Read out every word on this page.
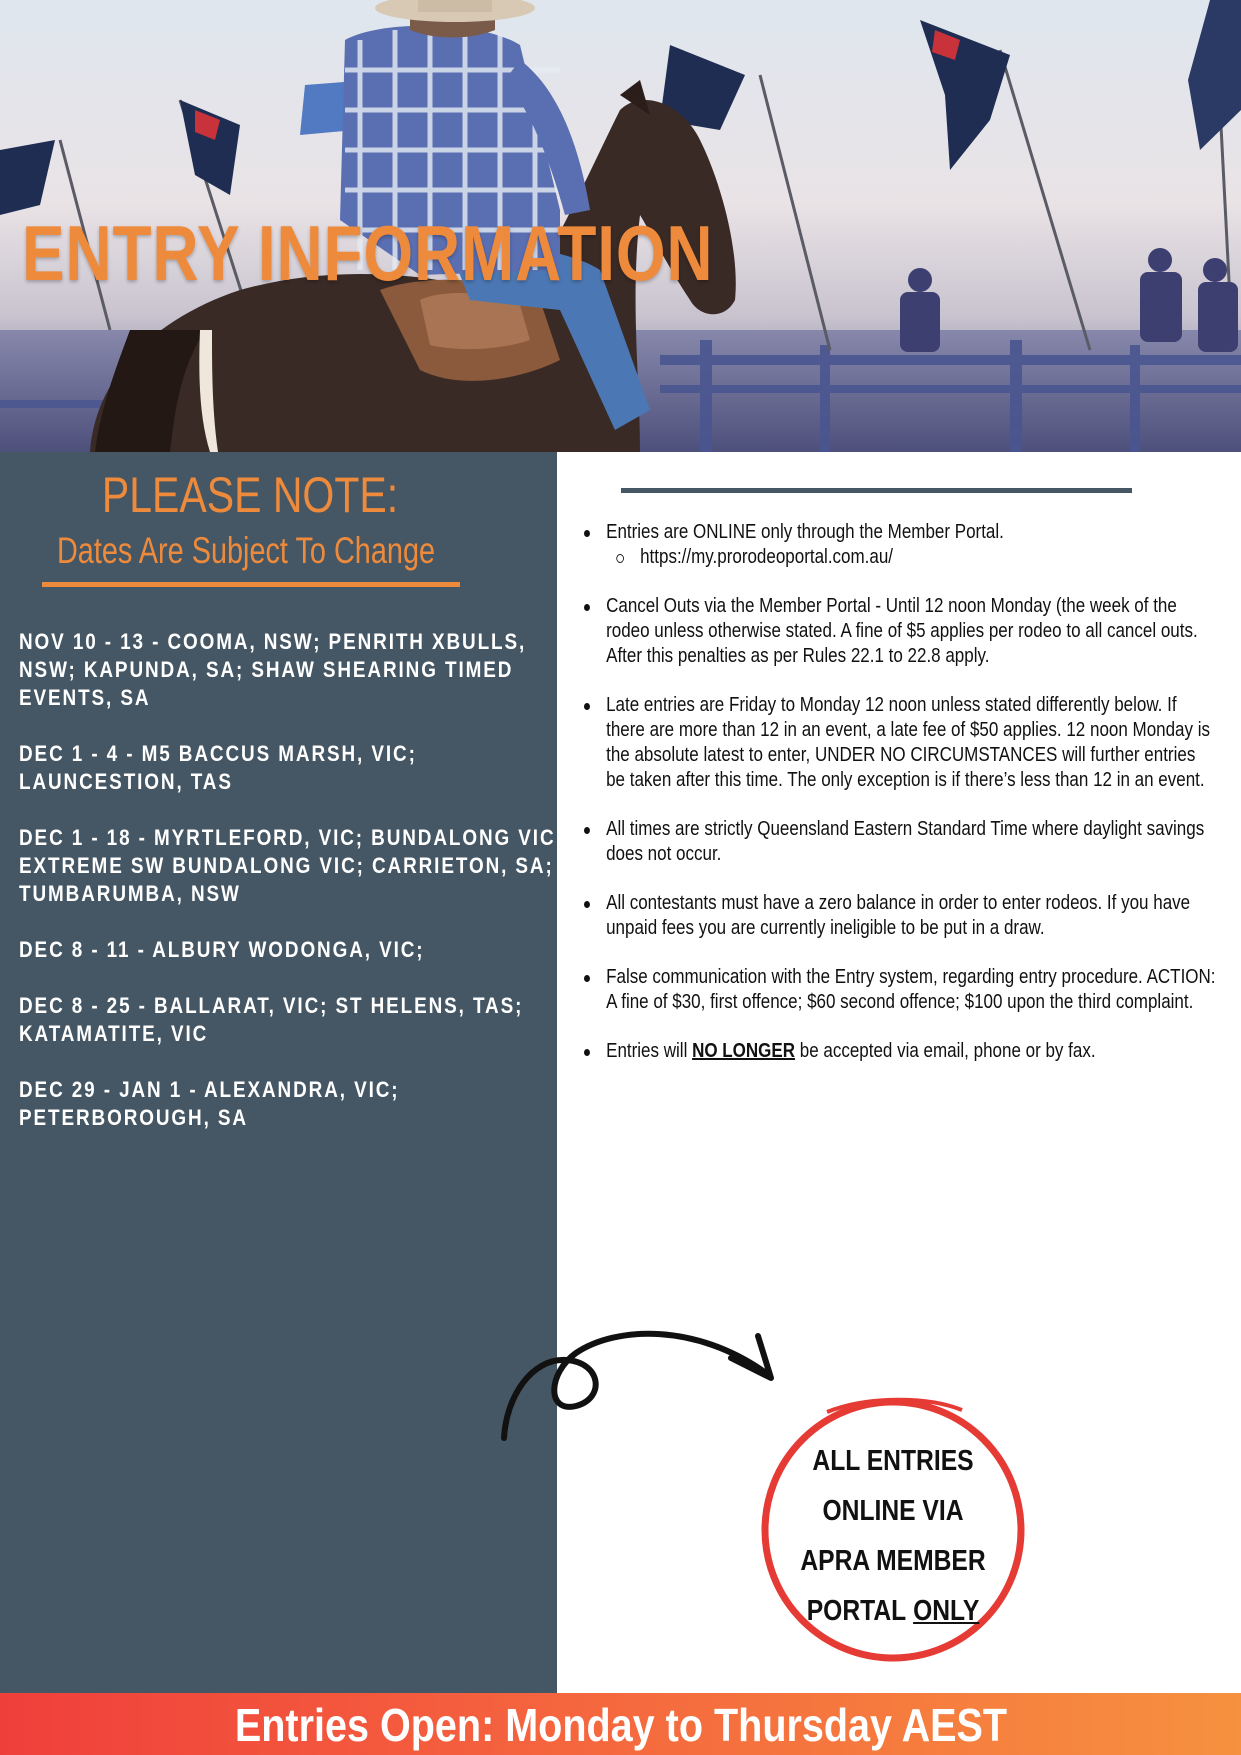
ENTRY INFORMATION
PLEASE NOTE:
Dates Are Subject To Change
NOV 10 - 13 - COOMA, NSW; PENRITH XBULLS, NSW; KAPUNDA, SA; SHAW SHEARING TIMED EVENTS, SA
DEC 1 - 4 - M5 BACCUS MARSH, VIC; LAUNCESTION, TAS
DEC 1 - 18 - MYRTLEFORD, VIC; BUNDALONG VIC; EXTREME SW BUNDALONG VIC; CARRIETON, SA; TUMBARUMBA, NSW
DEC 8 - 11 - ALBURY WODONGA, VIC;
DEC 8 - 25 - BALLARAT, VIC; ST HELENS, TAS; KATAMATITE, VIC
DEC 29 - JAN 1 - ALEXANDRA, VIC; PETERBOROUGH, SA
Entries are ONLINE only through the Member Portal.
https://my.prorodeoportal.com.au/
Cancel Outs via the Member Portal - Until 12 noon Monday (the week of the rodeo unless otherwise stated. A fine of $5 applies per rodeo to all cancel outs. After this penalties as per Rules 22.1 to 22.8 apply.
Late entries are Friday to Monday 12 noon unless stated differently below. If there are more than 12 in an event, a late fee of $50 applies. 12 noon Monday is the absolute latest to enter, UNDER NO CIRCUMSTANCES will further entries be taken after this time. The only exception is if there’s less than 12 in an event.
All times are strictly Queensland Eastern Standard Time where daylight savings does not occur.
All contestants must have a zero balance in order to enter rodeos. If you have unpaid fees you are currently ineligible to be put in a draw.
False communication with the Entry system, regarding entry procedure. ACTION: A fine of $30, first offence; $60 second offence; $100 upon the third complaint.
Entries will NO LONGER be accepted via email, phone or by fax.
ALL ENTRIES
ONLINE VIA
APRA MEMBER
PORTAL ONLY
Entries Open: Monday to Thursday AEST
